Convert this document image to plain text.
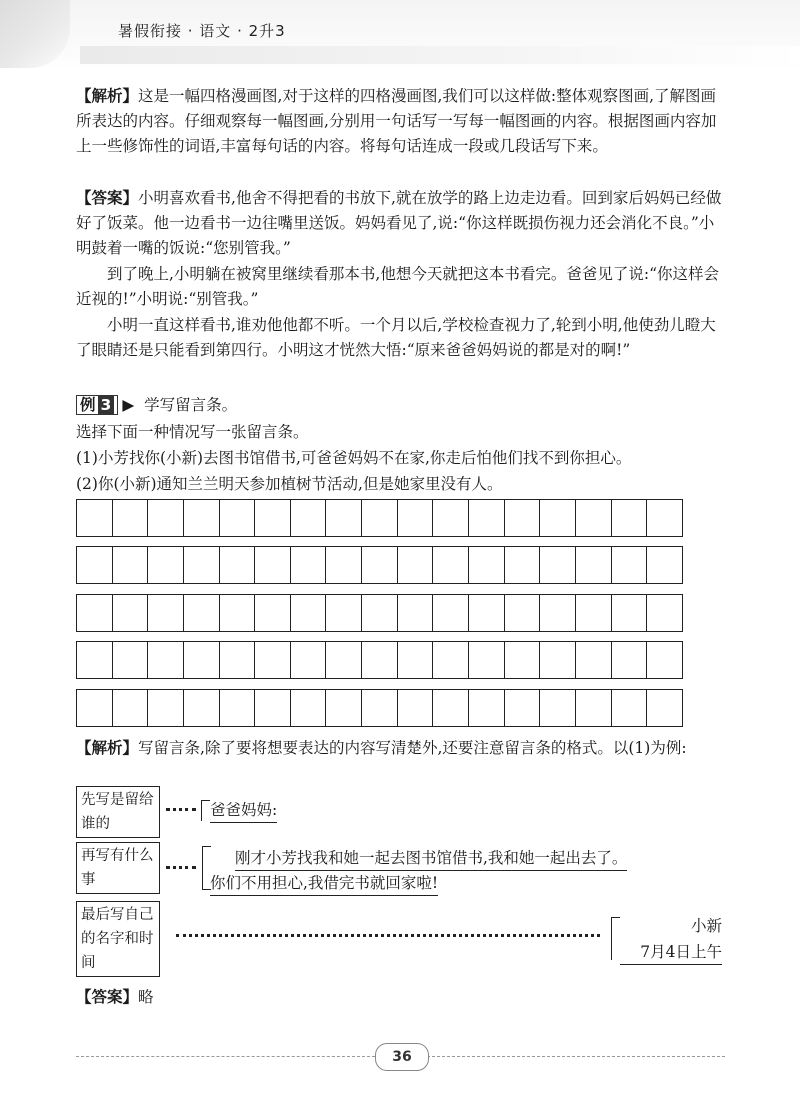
暑假衔接 · 语文 · 2升3
【解析】这是一幅四格漫画图,对于这样的四格漫画图,我们可以这样做:整体观察图画,了解图画所表达的内容。仔细观察每一幅图画,分别用一句话写一写每一幅图画的内容。根据图画内容加上一些修饰性的词语,丰富每句话的内容。将每句话连成一段或几段话写下来。
【答案】小明喜欢看书,他舍不得把看的书放下,就在放学的路上边走边看。回到家后妈妈已经做好了饭菜。他一边看书一边往嘴里送饭。妈妈看见了,说:“你这样既损伤视力还会消化不良。”小明鼓着一嘴的饭说:“您别管我。”
到了晚上,小明躺在被窝里继续看那本书,他想今天就把这本书看完。爸爸见了说:“你这样会近视的!”小明说:“别管我。”
小明一直这样看书,谁劝他他都不听。一个月以后,学校检查视力了,轮到小明,他使劲儿瞪大了眼睛还是只能看到第四行。小明这才恍然大悟:“原来爸爸妈妈说的都是对的啊!”
例 3 ▶ 学写留言条。
选择下面一种情况写一张留言条。
(1)小芳找你(小新)去图书馆借书,可爸爸妈妈不在家,你走后怕他们找不到你担心。
(2)你(小新)通知兰兰明天参加植树节活动,但是她家里没有人。
【解析】写留言条,除了要将想要表达的内容写清楚外,还要注意留言条的格式。以(1)为例:
先写是留给谁的
爸爸妈妈:
再写有什么事
刚才小芳找我和她一起去图书馆借书,我和她一起出去了。
你们不用担心,我借完书就回家啦!
最后写自己的名字和时间
小新
7月4日上午
【答案】略
36
